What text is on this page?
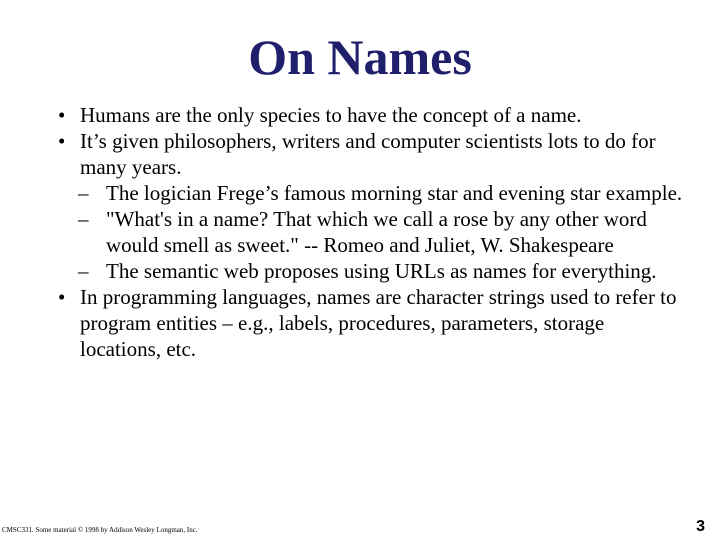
On Names
• Humans are the only species to have the concept of a name.
• It’s given philosophers, writers and computer scientists lots to do for many years.
– The logician Frege’s famous morning star and evening star example.
– "What's in a name? That which we call a rose by any other word would smell as sweet." -- Romeo and Juliet, W. Shakespeare
– The semantic web proposes using URLs as names for everything.
• In programming languages, names are character strings used to refer to program entities – e.g., labels, procedures, parameters, storage locations, etc.
CMSC331. Some material © 1998 by Addison Wesley Longman, Inc.	3
